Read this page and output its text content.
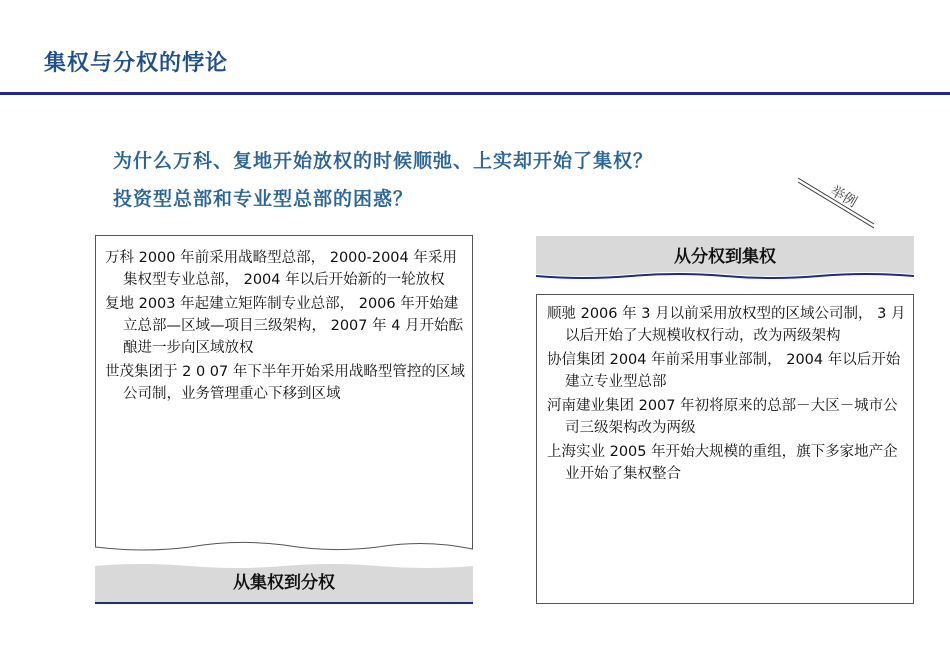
集权与分权的悖论
为什么万科、复地开始放权的时候顺弛、上实却开始了集权？
投资型总部和专业型总部的困惑？	举例

万科 2000 年前采用战略型总部， 2000-2004 年采用集权型专业总部， 2004 年以后开始新的一轮放权

复地 2003 年起建立矩阵制专业总部， 2006 年开始建立总部—区域—项目三级架构， 2007 年 4 月开始酝酿进一步向区域放权

世茂集团于 2 0 07 年下半年开始采用战略型管控的区域公司制，业务管理重心下移到区域

从集权到分权
从分权到集权

顺驰 2006 年 3 月以前采用放权型的区域公司制， 3 月以后开始了大规模收权行动，改为两级架构

协信集团 2004 年前采用事业部制， 2004 年以后开始建立专业型总部

河南建业集团 2007 年初将原来的总部－大区－城市公司三级架构改为两级

上海实业 2005 年开始大规模的重组，旗下多家地产企业开始了集权整合
